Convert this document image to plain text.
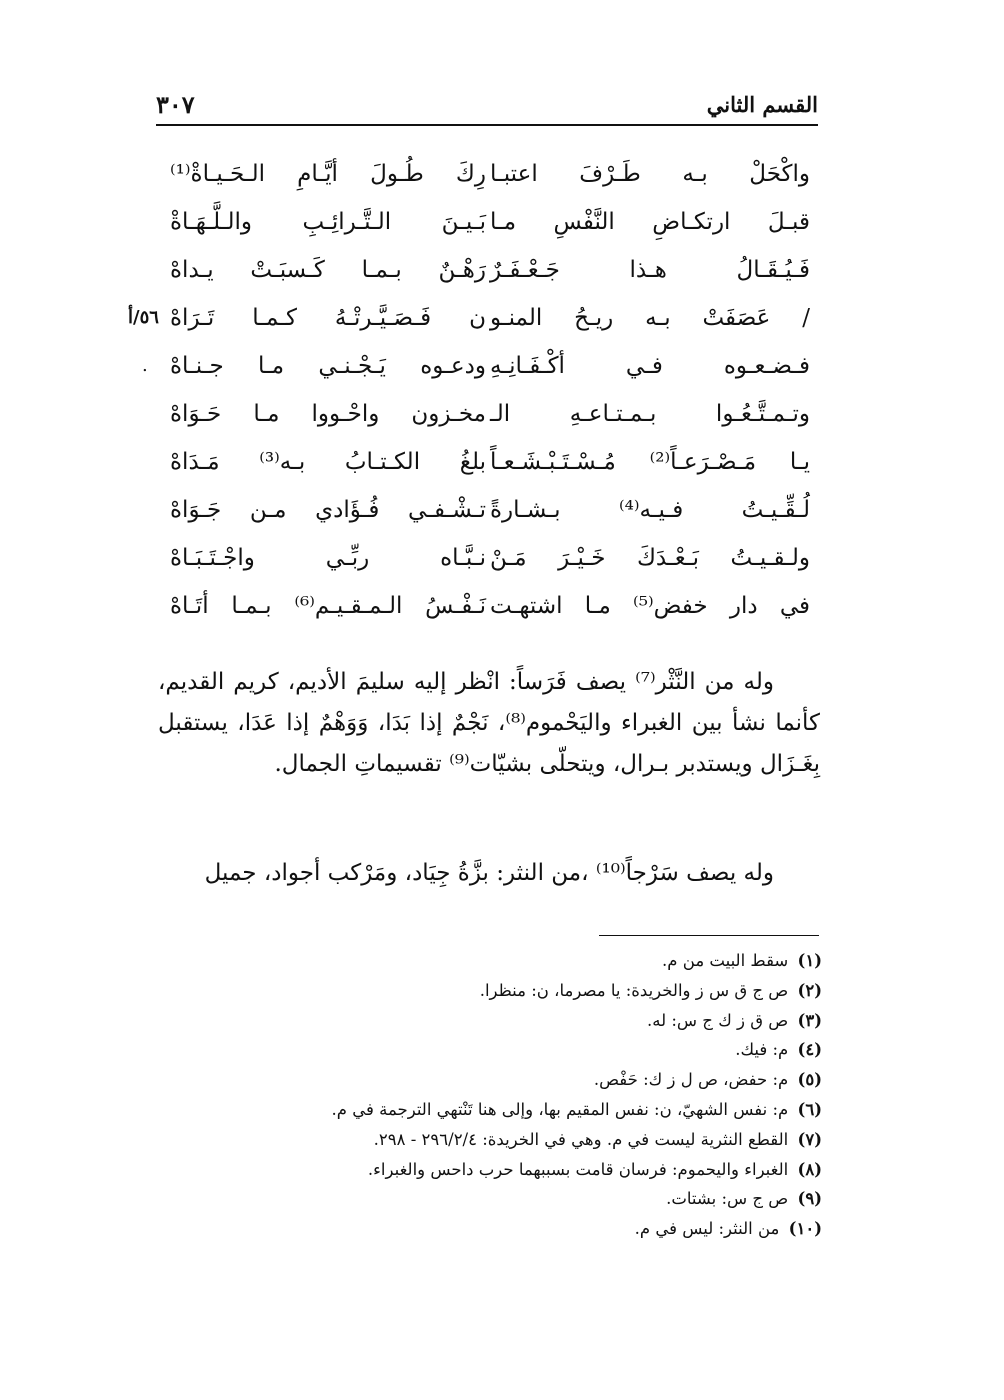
القسم الثاني
٣٠٧
واكْحَلْ بـه طَـرْفَ اعتبـا
رِكَ طُـولَ أيَّـامِ الـحَـيـاةْ⁽¹⁾
قبـلَ ارتكـاضِ النَّفْسِ مـا
بَـيـنَ الـتَّـرائِـبِ والـلَّـهَـاةْ
فَـيُـقَـالُ هـذا جَـعْـفَـرٌ
رَهْـنٌ بـمـا كَـسبَـتْ يـداهْ
/ عَصَفَتْ بـه ريـحُ المنـو
ن فَـصَـيَّـرتْـهُ كـمـا تَـرَاهْ
٥٦/أ
فـضـعـوه فـي أكْـفَـانِـهِ
ودعـوه يَـجْـنـي مـا جـنـاهْ
.
وتـمـتَّـعُـوا بـمـتـاعـهِ الـ
مخـزون واحْـووا مـا حَـوَاهْ
يـا مَـصْـرَعـاً⁽²⁾ مُـسْـتَـبْـشَـعـاً
بلغُ الكـتـابُ بـه⁽³⁾ مَـدَاهْ
لُـقِّـيـتُ فـيـه⁽⁴⁾ بـشـارةً
تـشْـفـي فُـؤَادي مـن جَـوَاهْ
ولـقـيـتُ بَـعْـدَكَ خَـيْـرَ مَـنْ
نـبَّـاه ربِّـي واجْـتَـبَـاهْ
في دار خفض⁽⁵⁾ مـا اشتهـت
نَـفْـسُ الـمـقـيـم⁽⁶⁾ بـمـا أتَـاهْ

وله من النَّثْر⁽⁷⁾ يصف فَرَساً: انْظر إليه سليمَ الأديم، كريم القديم، كأنما نشأ بين الغبراء واليَحْموم⁽⁸⁾، نَجْمٌ إذا بَدَا، وَوَهْمٌ إذا عَدَا، يستقبل بِغَـزَال ويستدبر بـرال، ويتحلّى بشيّات⁽⁹⁾ تقسيماتِ الجمال.

وله يصف سَرْجاً⁽¹⁰⁾ ،من النثر: بزَّةُ جِيَاد، ومَرْكب أجواد، جميل

(١) سقط البيت من م.
(٢) ص ج ق س ز والخريدة: يا مصرما، ن: منظرا.
(٣) ص ق ز ك ج س: له.
(٤) م: فيك.
(٥) م: حفض، ص ل ز ك: حَفْص.
(٦) م: نفس الشهيّ، ن: نفس المقيم بها، وإلى هنا تَنْتهي الترجمة في م.
(٧) القطع النثرية ليست في م. وهي في الخريدة: ٢٩٦/٢/٤ - ٢٩٨.
(٨) الغبراء واليحموم: فرسان قامت بسببهما حرب داحس والغبراء.
(٩) ص ج س: بشتات.
(١٠) من النثر: ليس في م.
